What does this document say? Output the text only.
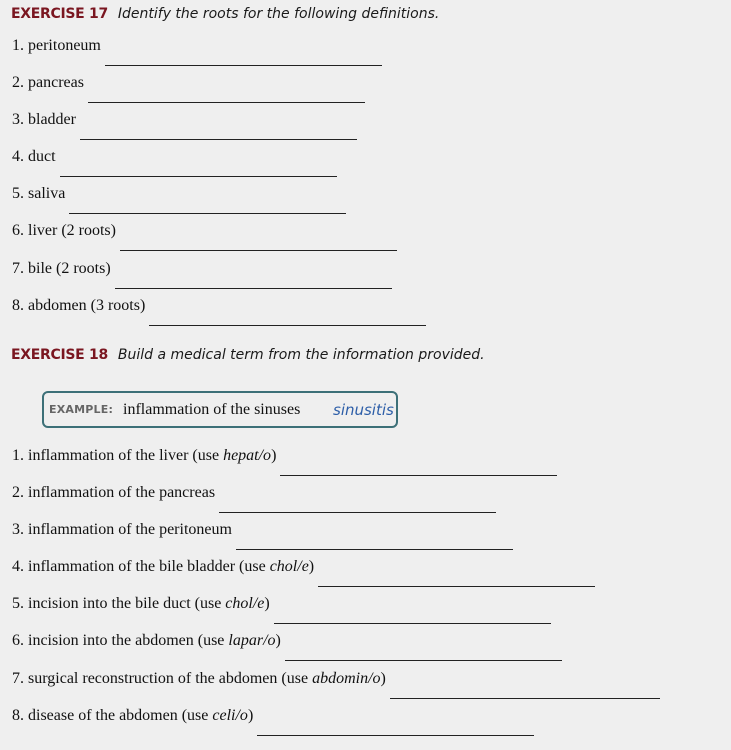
EXERCISE 17 Identify the roots for the following definitions.
1. peritoneum
2. pancreas
3. bladder
4. duct
5. saliva
6. liver (2 roots)
7. bile (2 roots)
8. abdomen (3 roots)
EXERCISE 18 Build a medical term from the information provided.
EXAMPLE: inflammation of the sinuses sinusitis
1. inflammation of the liver (use hepat/o)
2. inflammation of the pancreas
3. inflammation of the peritoneum
4. inflammation of the bile bladder (use chol/e)
5. incision into the bile duct (use chol/e)
6. incision into the abdomen (use lapar/o)
7. surgical reconstruction of the abdomen (use abdomin/o)
8. disease of the abdomen (use celi/o)
